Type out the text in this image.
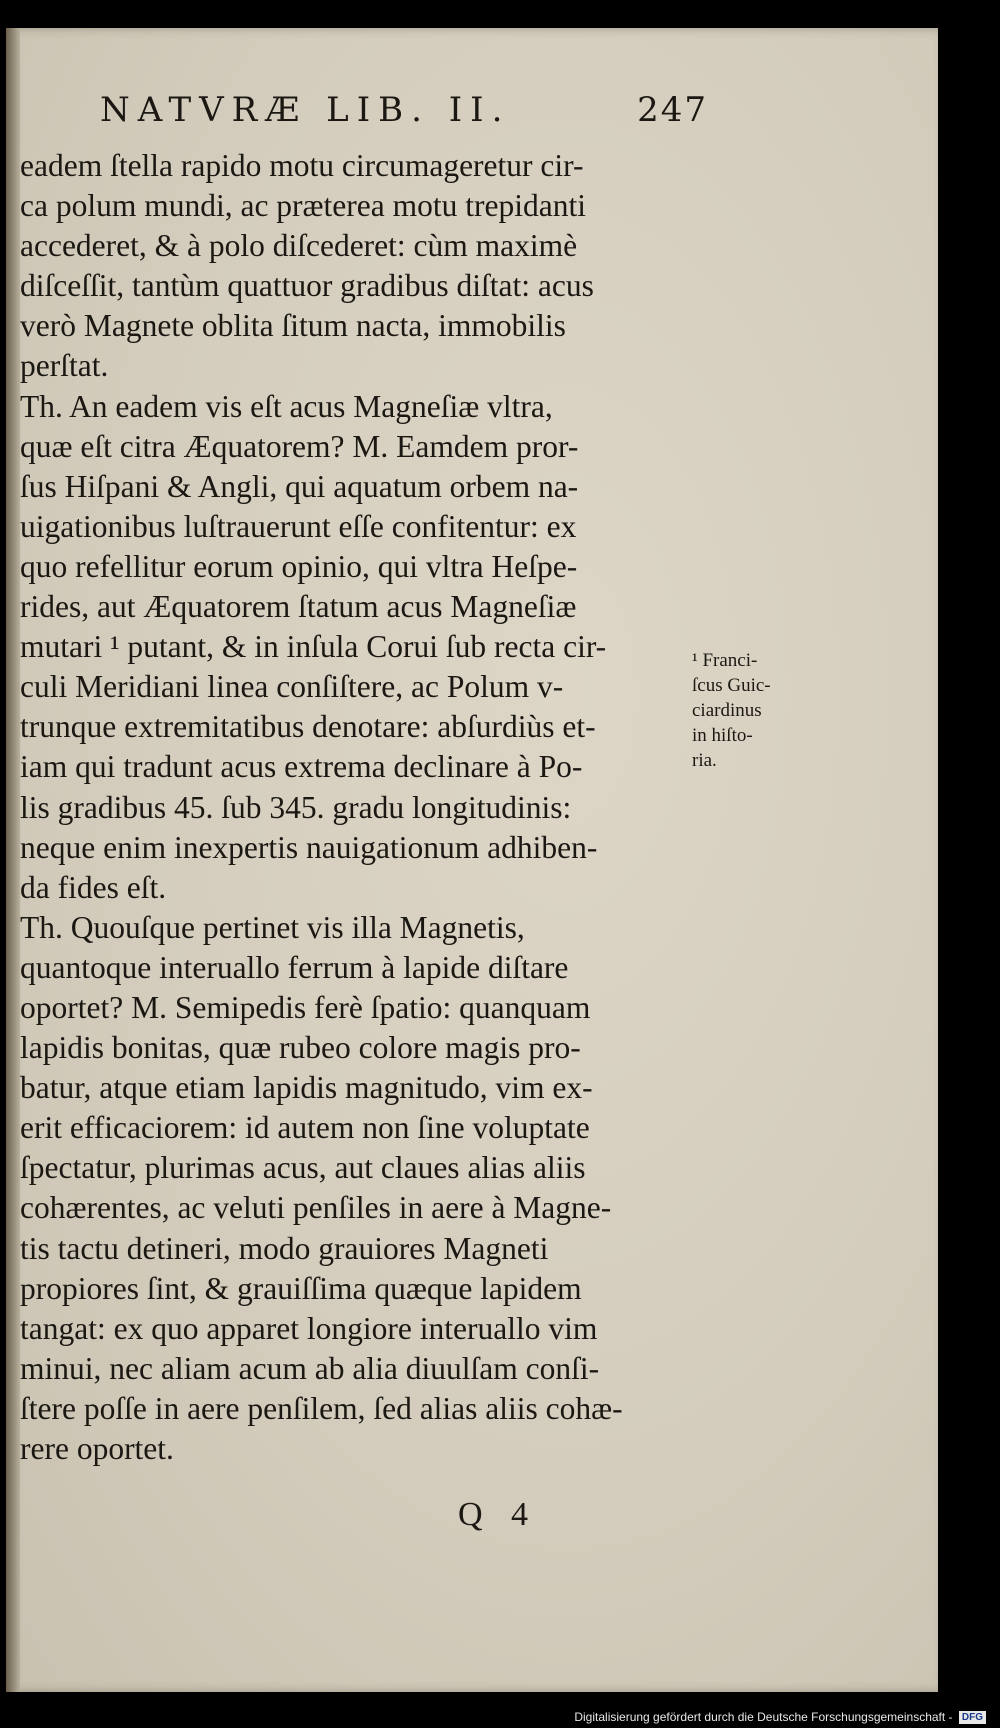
NATVRÆ LIB. II.	247
eadem ſtella rapido motu circumageretur cir-
ca polum mundi, ac præterea motu trepidanti
accederet, & à polo diſcederet: cùm maximè
diſceſſit, tantùm quattuor gradibus diſtat: acus
verò Magnete oblita ſitum nacta, immobilis
perſtat.
Th. An eadem vis eſt acus Magneſiæ vltra,
quæ eſt citra Æquatorem? M. Eamdem pror-
ſus Hiſpani & Angli, qui aquatum orbem na-
uigationibus luſtrauerunt eſſe confitentur: ex
quo refellitur eorum opinio, qui vltra Heſpe-
rides, aut Æquatorem ſtatum acus Magneſiæ
mutari ¹ putant, & in inſula Corui ſub recta cir-
culi Meridiani linea conſiſtere, ac Polum v-
trunque extremitatibus denotare: abſurdiùs et-
iam qui tradunt acus extrema declinare à Po-
lis gradibus 45. ſub 345. gradu longitudinis:
neque enim inexpertis nauigationum adhiben-
da fides eſt.
Th. Quouſque pertinet vis illa Magnetis,
quantoque interuallo ferrum à lapide diſtare
oportet? M. Semipedis ferè ſpatio: quanquam
lapidis bonitas, quæ rubeo colore magis pro-
batur, atque etiam lapidis magnitudo, vim ex-
erit efficaciorem: id autem non ſine voluptate
ſpectatur, plurimas acus, aut claues alias aliis
cohærentes, ac veluti penſiles in aere à Magne-
tis tactu detineri, modo grauiores Magneti
propiores ſint, & grauiſſima quæque lapidem
tangat: ex quo apparet longiore interuallo vim
minui, nec aliam acum ab alia diuulſam conſi-
ſtere poſſe in aere penſilem, ſed alias aliis cohæ-
rere oportet.
¹ Franci-
ſcus Guic-
ciardinus
in hiſto-
ria.
Q 4
Digitalisierung gefördert durch die Deutsche Forschungsgemeinschaft - DFG
